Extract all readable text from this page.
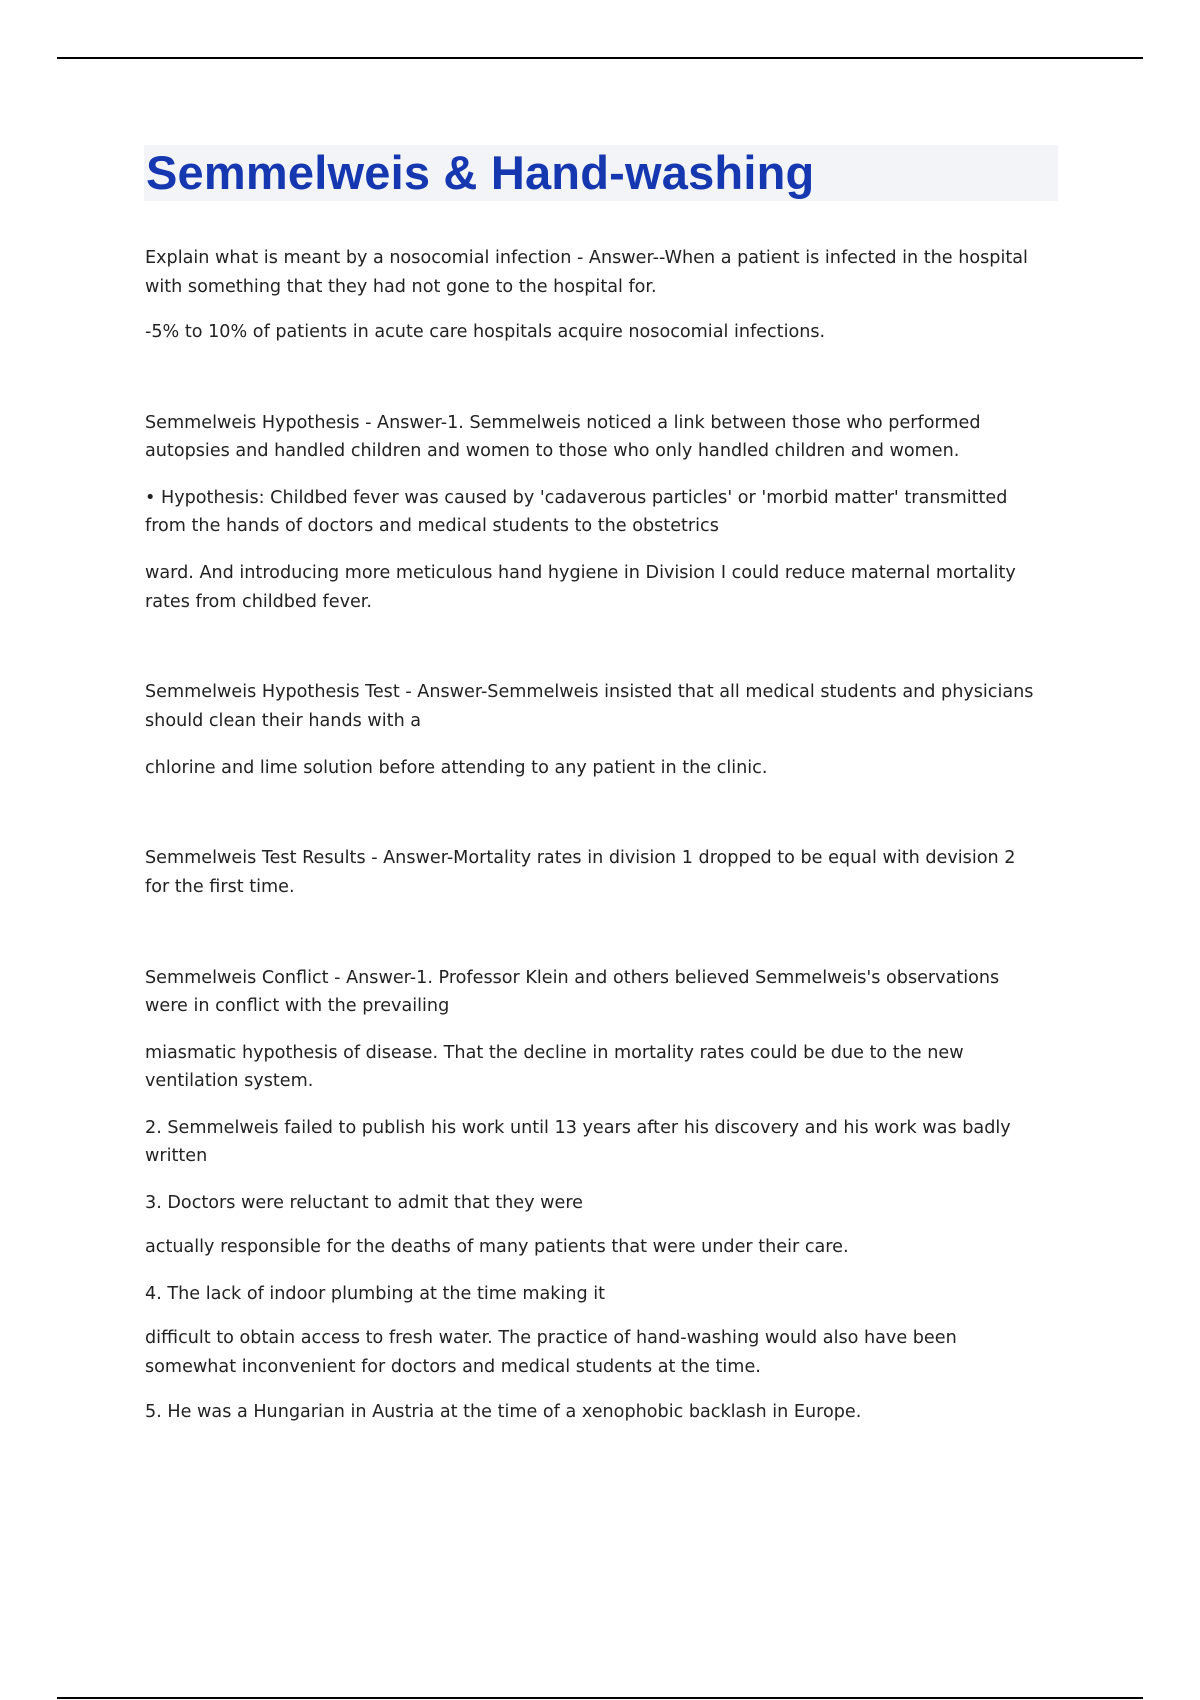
Semmelweis & Hand-washing

Explain what is meant by a nosocomial infection - Answer--When a patient is infected in the hospital

with something that they had not gone to the hospital for.

-5% to 10% of patients in acute care hospitals acquire nosocomial infections.

Semmelweis Hypothesis - Answer-1. Semmelweis noticed a link between those who performed

autopsies and handled children and women to those who only handled children and women.

• Hypothesis: Childbed fever was caused by 'cadaverous particles' or 'morbid matter' transmitted

from the hands of doctors and medical students to the obstetrics

ward. And introducing more meticulous hand hygiene in Division I could reduce maternal mortality

rates from childbed fever.

Semmelweis Hypothesis Test - Answer-Semmelweis insisted that all medical students and physicians

should clean their hands with a

chlorine and lime solution before attending to any patient in the clinic.

Semmelweis Test Results - Answer-Mortality rates in division 1 dropped to be equal with devision 2

for the first time.

Semmelweis Conflict - Answer-1. Professor Klein and others believed Semmelweis's observations

were in conflict with the prevailing

miasmatic hypothesis of disease. That the decline in mortality rates could be due to the new

ventilation system.

2. Semmelweis failed to publish his work until 13 years after his discovery and his work was badly

written

3. Doctors were reluctant to admit that they were

actually responsible for the deaths of many patients that were under their care.

4. The lack of indoor plumbing at the time making it

difficult to obtain access to fresh water. The practice of hand-washing would also have been

somewhat inconvenient for doctors and medical students at the time.

5. He was a Hungarian in Austria at the time of a xenophobic backlash in Europe.
